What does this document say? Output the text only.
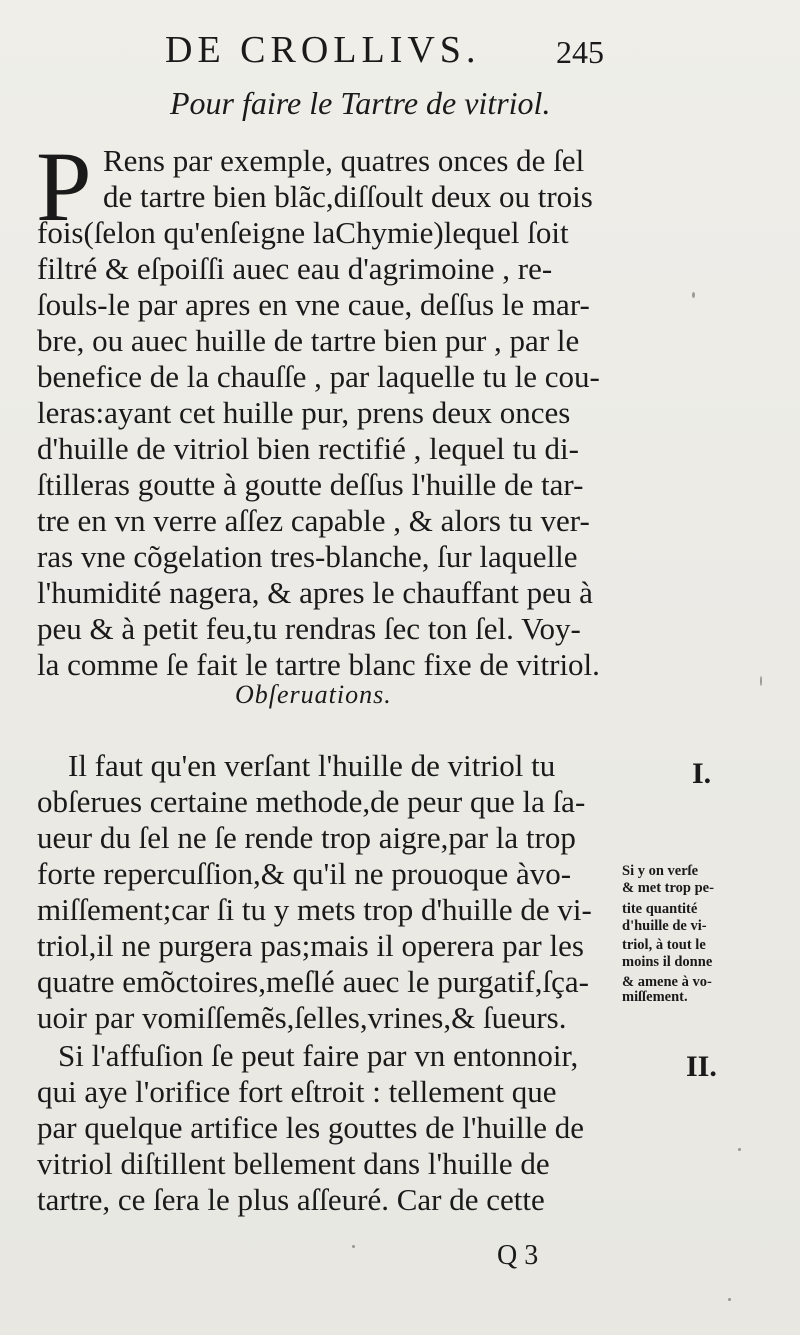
DE CROLLIVS. 245
Pour faire le Tartre de vitriol.
P Rens par exemple, quatres onces de ſel
de tartre bien blãc,diſſoult deux ou trois
fois(ſelon qu'enſeigne laChymie)lequel ſoit
filtré & eſpoiſſi auec eau d'agrimoine , re-
ſouls-le par apres en vne caue, deſſus le mar-
bre, ou auec huille de tartre bien pur , par le
benefice de la chauſſe , par laquelle tu le cou-
leras:ayant cet huille pur, prens deux onces
d'huille de vitriol bien rectifié , lequel tu di-
ſtilleras goutte à goutte deſſus l'huille de tar-
tre en vn verre aſſez capable , & alors tu ver-
ras vne cõgelation tres-blanche, ſur laquelle
l'humidité nagera, & apres le chauffant peu à
peu & à petit feu,tu rendras ſec ton ſel. Voy-
la comme ſe fait le tartre blanc fixe de vitriol.
Obſeruations.
Il faut qu'en verſant l'huille de vitriol tu
obſerues certaine methode,de peur que la ſa-
ueur du ſel ne ſe rende trop aigre,par la trop
forte repercuſſion,& qu'il ne prouoque àvo-
miſſement;car ſi tu y mets trop d'huille de vi-
triol,il ne purgera pas;mais il operera par les
quatre emõctoires,meſlé auec le purgatif,ſça-
uoir par vomiſſemẽs,ſelles,vrines,& ſueurs.
Si l'affuſion ſe peut faire par vn entonnoir,
qui aye l'orifice fort eſtroit : tellement que
par quelque artifice les gouttes de l'huille de
vitriol diſtillent bellement dans l'huille de
tartre, ce ſera le plus aſſeuré. Car de cette
I.
II.
Si y on verſe
& met trop pe-
tite quantité
d'huille de vi-
triol, à tout le
moins il donne
& amene à vo-
miſſement.
Q 3
